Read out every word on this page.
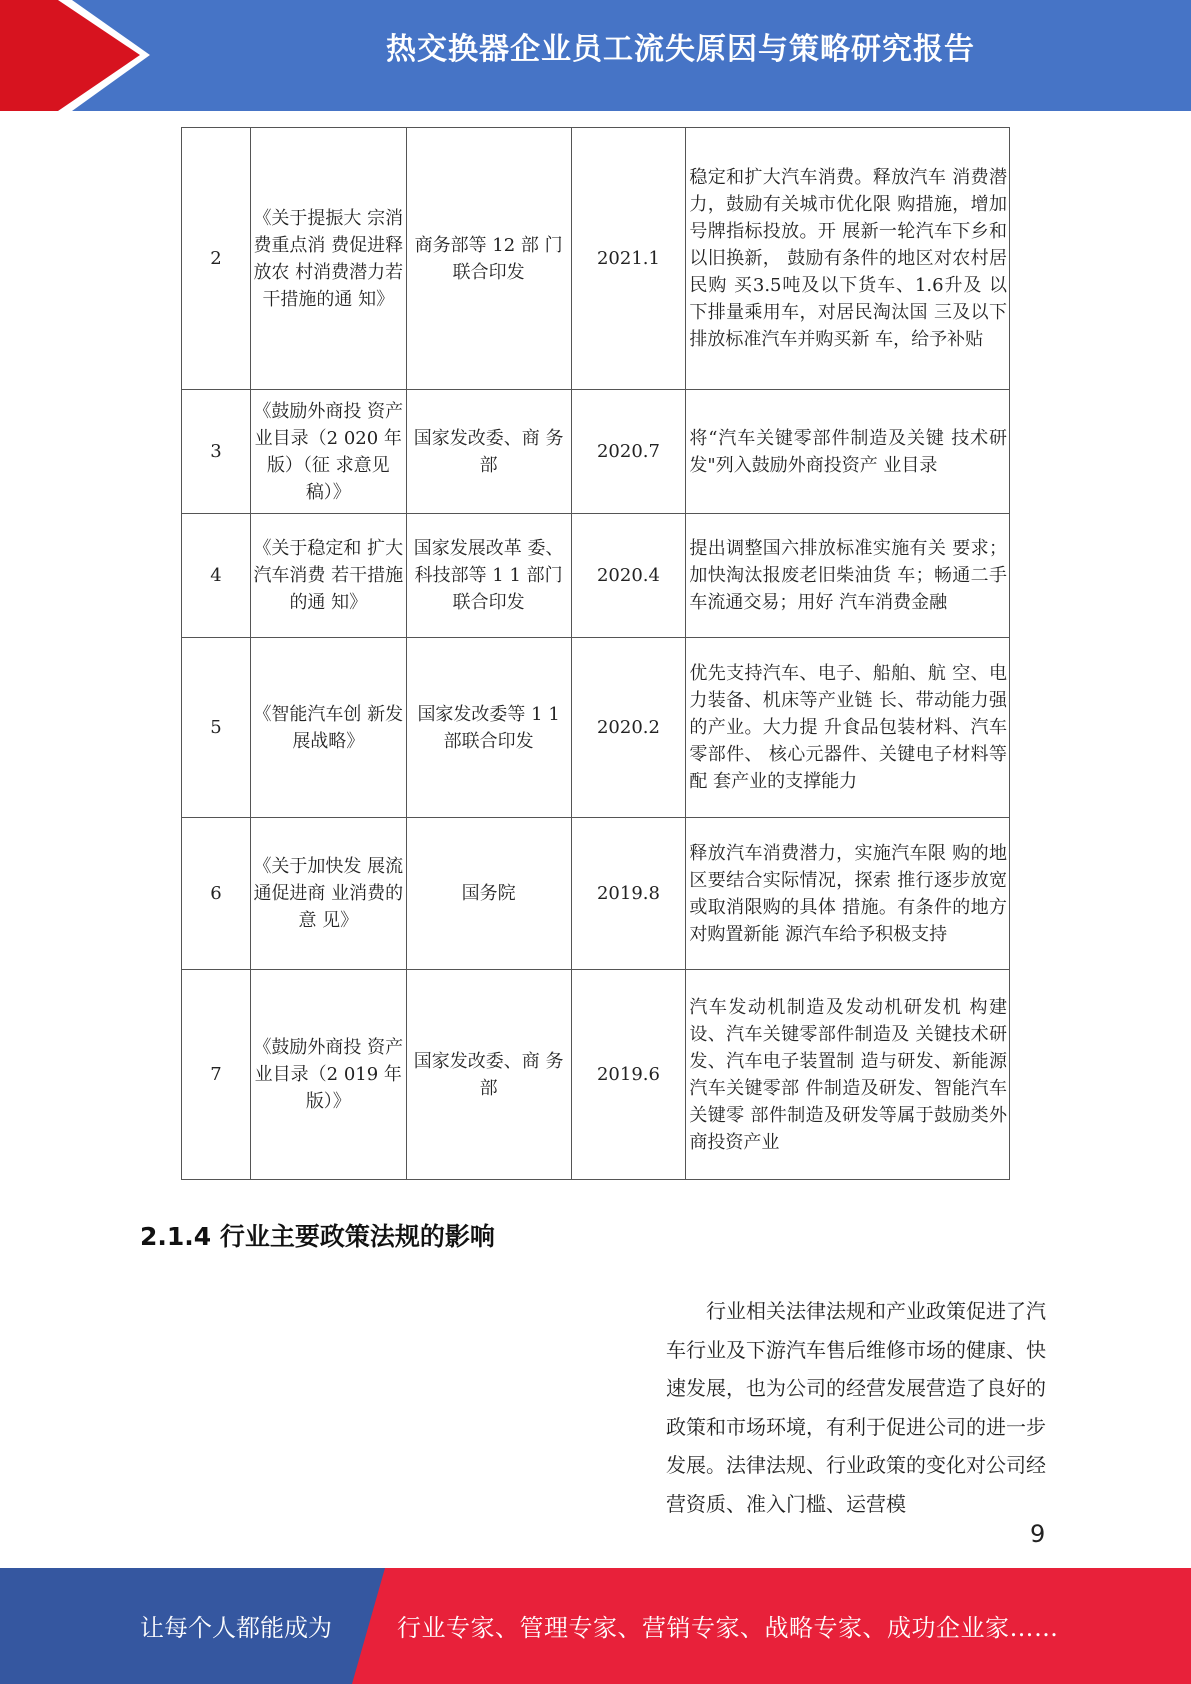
热交换器企业员工流失原因与策略研究报告
2	《关于提振大 宗消费重点消 费促进释放农 村消费潜力若 干措施的通 知》	商务部等 12 部 门联合印发	2021.1	稳定和扩大汽车消费。释放汽车 消费潜力，鼓励有关城市优化限 购措施，增加号牌指标投放。开 展新一轮汽车下乡和以旧换新， 鼓励有条件的地区对农村居民购 买3.5吨及以下货车、1.6升及 以下排量乘用车，对居民淘汰国 三及以下排放标准汽车并购买新 车，给予补贴
3	《鼓励外商投 资产业目录（2 020 年版）（征 求意见稿）》	国家发改委、商 务部	2020.7	将“汽车关键零部件制造及关键 技术研发"列入鼓励外商投资产 业目录
4	《关于稳定和 扩大汽车消费 若干措施的通 知》	国家发展改革 委、科技部等 1 1 部门联合印发	2020.4	提出调整国六排放标准实施有关 要求；加快淘汰报废老旧柴油货 车；畅通二手车流通交易；用好 汽车消费金融
5	《智能汽车创 新发展战略》	国家发改委等 1 1 部联合印发	2020.2	优先支持汽车、电子、船舶、航 空、电力装备、机床等产业链 长、带动能力强的产业。大力提 升食品包装材料、汽车零部件、 核心元器件、关键电子材料等配 套产业的支撑能力
6	《关于加快发 展流通促进商 业消费的意 见》	国务院	2019.8	释放汽车消费潜力，实施汽车限 购的地区要结合实际情况，探索 推行逐步放宽或取消限购的具体 措施。有条件的地方对购置新能 源汽车给予积极支持
7	《鼓励外商投 资产业目录（2 019 年版）》	国家发改委、商 务部	2019.6	汽车发动机制造及发动机研发机 构建设、汽车关键零部件制造及 关键技术研发、汽车电子装置制 造与研发、新能源汽车关键零部 件制造及研发、智能汽车关键零 部件制造及研发等属于鼓励类外 商投资产业
2.1.4 行业主要政策法规的影响

行业相关法律法规和产业政策促进了汽车行业及下游汽车售后维修市场的健康、快速发展，也为公司的经营发展营造了良好的政策和市场环境，有利于促进公司的进一步发展。法律法规、行业政策的变化对公司经营资质、准入门槛、运营模

9
让每个人都能成为	行业专家、管理专家、营销专家、战略专家、成功企业家……
